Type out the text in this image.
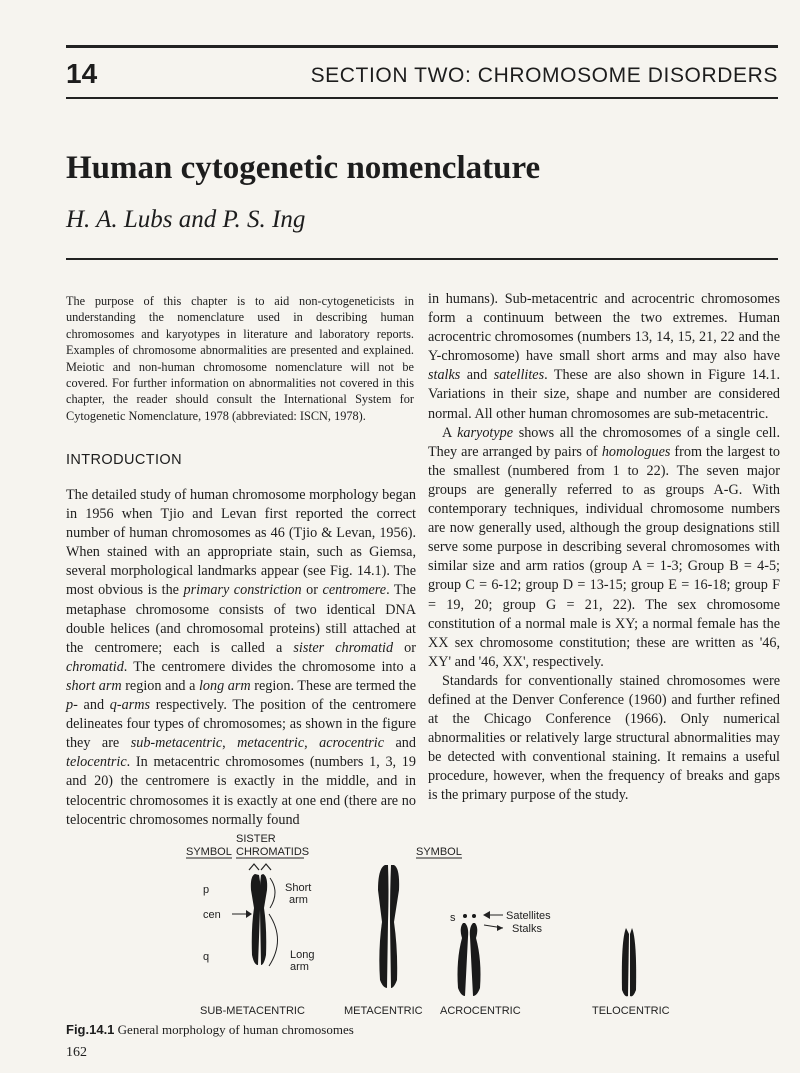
14	SECTION TWO: CHROMOSOME DISORDERS
Human cytogenetic nomenclature
H. A. Lubs and P. S. Ing

The purpose of this chapter is to aid non-cytogeneticists in understanding the nomenclature used in describing human chromosomes and karyotypes in literature and laboratory reports. Examples of chromosome abnormalities are presented and explained. Meiotic and non-human chromosome nomenclature will not be covered. For further information on abnormalities not covered in this chapter, the reader should consult the International System for Cytogenetic Nomenclature, 1978 (abbreviated: ISCN, 1978).

INTRODUCTION

The detailed study of human chromosome morphology began in 1956 when Tjio and Levan first reported the correct number of human chromosomes as 46 (Tjio & Levan, 1956). When stained with an appropriate stain, such as Giemsa, several morphological landmarks appear (see Fig. 14.1). The most obvious is the primary constriction or centromere. The metaphase chromosome consists of two identical DNA double helices (and chromosomal proteins) still attached at the centromere; each is called a sister chromatid or chromatid. The centromere divides the chromosome into a short arm region and a long arm region. These are termed the p- and q-arms respectively. The position of the centromere delineates four types of chromosomes; as shown in the figure they are sub-metacentric, metacentric, acrocentric and telocentric. In metacentric chromosomes (numbers 1, 3, 19 and 20) the centromere is exactly in the middle, and in telocentric chromosomes it is exactly at one end (there are no telocentric chromosomes normally found

in humans). Sub-metacentric and acrocentric chromosomes form a continuum between the two extremes. Human acrocentric chromosomes (numbers 13, 14, 15, 21, 22 and the Y-chromosome) have small short arms and may also have stalks and satellites. These are also shown in Figure 14.1. Variations in their size, shape and number are considered normal. All other human chromosomes are sub-metacentric.

A karyotype shows all the chromosomes of a single cell. They are arranged by pairs of homologues from the largest to the smallest (numbered from 1 to 22). The seven major groups are generally referred to as groups A-G. With contemporary techniques, individual chromosome numbers are now generally used, although the group designations still serve some purpose in describing several chromosomes with similar size and arm ratios (group A = 1-3; Group B = 4-5; group C = 6-12; group D = 13-15; group E = 16-18; group F = 19, 20; group G = 21, 22). The sex chromosome constitution of a normal male is XY; a normal female has the XX sex chromosome constitution; these are written as '46, XY' and '46, XX', respectively.

Standards for conventionally stained chromosomes were defined at the Denver Conference (1960) and further refined at the Chicago Conference (1966). Only numerical abnormalities or relatively large structural abnormalities may be detected with conventional staining. It remains a useful procedure, however, when the frequency of breaks and gaps is the primary purpose of the study.

SISTER
SYMBOL CHROMATIDS	SYMBOL
p
cen
q
Short
arm
Long
arm
s	Satellites
Stalks
SUB-METACENTRIC	METACENTRIC ACROCENTRIC	TELOCENTRIC
Fig.14.1 General morphology of human chromosomes
162
